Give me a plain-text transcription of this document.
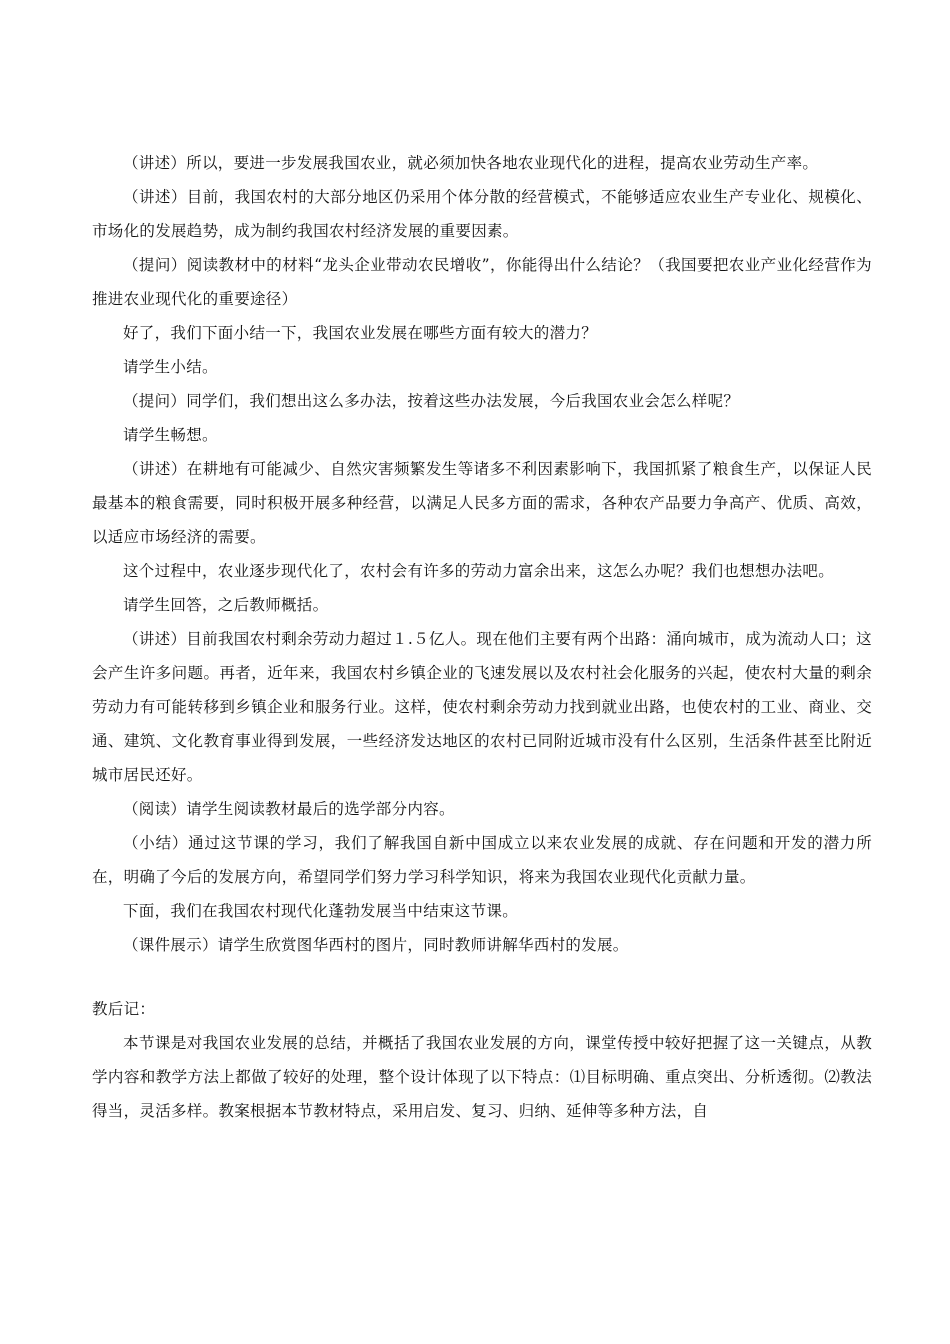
（讲述）所以，要进一步发展我国农业，就必须加快各地农业现代化的进程，提高农业劳动生产率。

（讲述）目前，我国农村的大部分地区仍采用个体分散的经营模式，不能够适应农业生产专业化、规模化、市场化的发展趋势，成为制约我国农村经济发展的重要因素。

（提问）阅读教材中的材料“龙头企业带动农民增收”，你能得出什么结论？（我国要把农业产业化经营作为推进农业现代化的重要途径）

好了，我们下面小结一下，我国农业发展在哪些方面有较大的潜力？

请学生小结。

（提问）同学们，我们想出这么多办法，按着这些办法发展，今后我国农业会怎么样呢？

请学生畅想。

（讲述）在耕地有可能减少、自然灾害频繁发生等诸多不利因素影响下，我国抓紧了粮食生产，以保证人民最基本的粮食需要，同时积极开展多种经营，以满足人民多方面的需求，各种农产品要力争高产、优质、高效，以适应市场经济的需要。

这个过程中，农业逐步现代化了，农村会有许多的劳动力富余出来，这怎么办呢？我们也想想办法吧。

请学生回答，之后教师概括。

（讲述）目前我国农村剩余劳动力超过１.５亿人。现在他们主要有两个出路：涌向城市，成为流动人口；这会产生许多问题。再者，近年来，我国农村乡镇企业的飞速发展以及农村社会化服务的兴起，使农村大量的剩余劳动力有可能转移到乡镇企业和服务行业。这样，使农村剩余劳动力找到就业出路，也使农村的工业、商业、交通、建筑、文化教育事业得到发展，一些经济发达地区的农村已同附近城市没有什么区别，生活条件甚至比附近城市居民还好。

（阅读）请学生阅读教材最后的选学部分内容。

（小结）通过这节课的学习，我们了解我国自新中国成立以来农业发展的成就、存在问题和开发的潜力所在，明确了今后的发展方向，希望同学们努力学习科学知识，将来为我国农业现代化贡献力量。

下面，我们在我国农村现代化蓬勃发展当中结束这节课。

（课件展示）请学生欣赏图华西村的图片，同时教师讲解华西村的发展。

教后记：

本节课是对我国农业发展的总结，并概括了我国农业发展的方向，课堂传授中较好把握了这一关键点，从教学内容和教学方法上都做了较好的处理，整个设计体现了以下特点：⑴目标明确、重点突出、分析透彻。⑵教法得当，灵活多样。教案根据本节教材特点，采用启发、复习、归纳、延伸等多种方法，自
